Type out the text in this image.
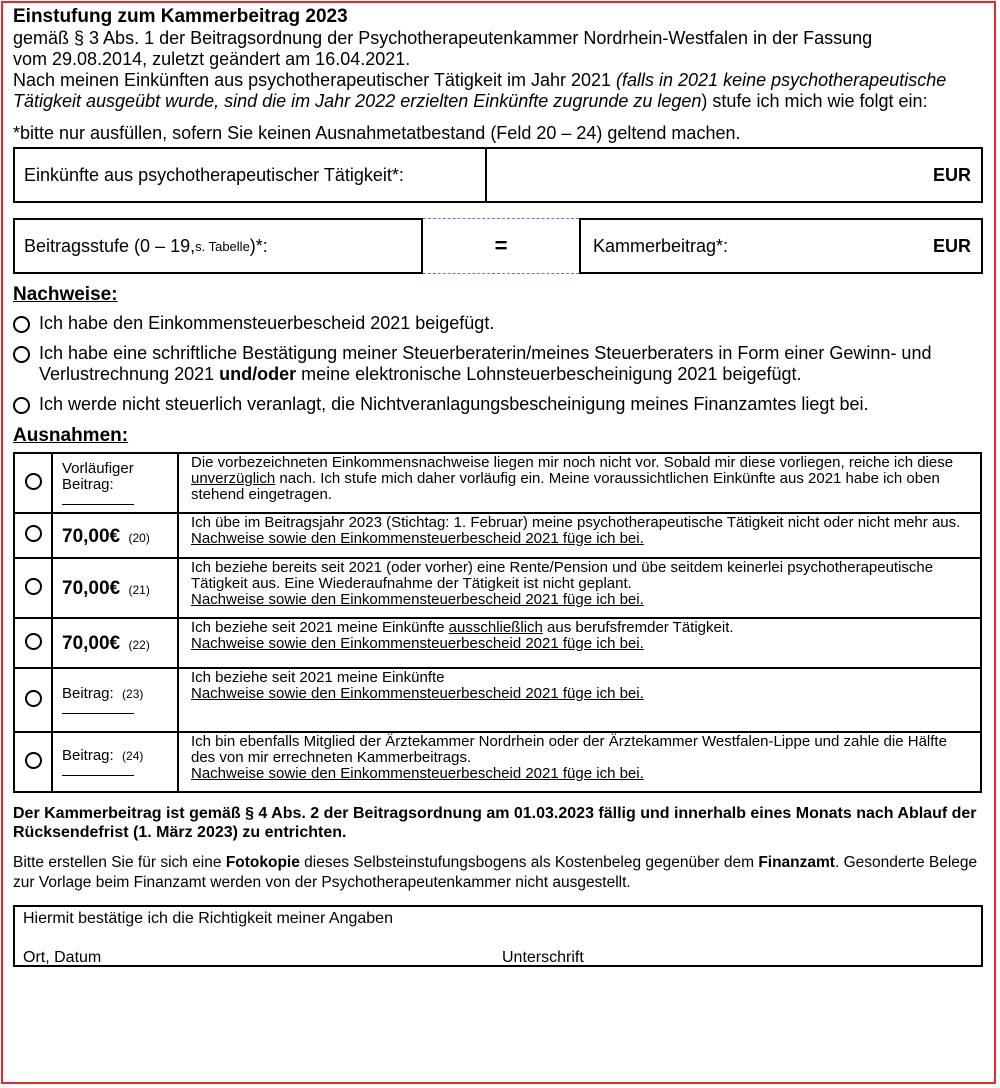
Einstufung zum Kammerbeitrag 2023
gemäß § 3 Abs. 1 der Beitragsordnung der Psychotherapeutenkammer Nordrhein-Westfalen in der Fassung
vom 29.08.2014, zuletzt geändert am 16.04.2021.
Nach meinen Einkünften aus psychotherapeutischer Tätigkeit im Jahr 2021 (falls in 2021 keine psychotherapeutische Tätigkeit ausgeübt wurde, sind die im Jahr 2022 erzielten Einkünfte zugrunde zu legen) stufe ich mich wie folgt ein:
*bitte nur ausfüllen, sofern Sie keinen Ausnahmetatbestand (Feld 20 – 24) geltend machen.
Einkünfte aus psychotherapeutischer Tätigkeit*:	EUR
Beitragsstufe (0 – 19, s. Tabelle )*:	=	Kammerbeitrag*:	EUR
Nachweise:
Ich habe den Einkommensteuerbescheid 2021 beigefügt.
Ich habe eine schriftliche Bestätigung meiner Steuerberaterin/meines Steuerberaters in Form einer Gewinn- und Verlustrechnung 2021 und/oder meine elektronische Lohnsteuerbescheinigung 2021 beigefügt.
Ich werde nicht steuerlich veranlagt, die Nichtveranlagungsbescheinigung meines Finanzamtes liegt bei.
Ausnahmen:

	Vorläufiger
Beitrag:	Die vorbezeichneten Einkommensnachweise liegen mir noch nicht vor. Sobald mir diese vorliegen, reiche ich diese unverzüglich nach. Ich stufe mich daher vorläufig ein. Meine voraussichtlichen Einkünfte aus 2021 habe ich oben stehend eingetragen.
	70,00€ (20)	Ich übe im Beitragsjahr 2023 (Stichtag: 1. Februar) meine psychotherapeutische Tätigkeit nicht oder nicht mehr aus. Nachweise sowie den Einkommensteuerbescheid 2021 füge ich bei.
	70,00€ (21)	Ich beziehe bereits seit 2021 (oder vorher) eine Rente/Pension und übe seitdem keinerlei psychotherapeutische Tätigkeit aus. Eine Wiederaufnahme der Tätigkeit ist nicht geplant.
Nachweise sowie den Einkommensteuerbescheid 2021 füge ich bei.

	70,00€ (22)	Ich beziehe seit 2021 meine Einkünfte ausschließlich aus berufsfremder Tätigkeit.
Nachweise sowie den Einkommensteuerbescheid 2021 füge ich bei.

	Beitrag: (23)	Ich beziehe seit 2021 meine Einkünfte
Nachweise sowie den Einkommensteuerbescheid 2021 füge ich bei.

	Beitrag: (24)	Ich bin ebenfalls Mitglied der Ärztekammer Nordrhein oder der Ärztekammer Westfalen-Lippe und zahle die Hälfte des von mir errechneten Kammerbeitrags.
Nachweise sowie den Einkommensteuerbescheid 2021 füge ich bei.
Der Kammerbeitrag ist gemäß § 4 Abs. 2 der Beitragsordnung am 01.03.2023 fällig und innerhalb eines Monats nach Ablauf der Rücksendefrist (1. März 2023) zu entrichten.
Bitte erstellen Sie für sich eine Fotokopie dieses Selbsteinstufungsbogens als Kostenbeleg gegenüber dem Finanzamt. Gesonderte Belege zur Vorlage beim Finanzamt werden von der Psychotherapeutenkammer nicht ausgestellt.
Hiermit bestätige ich die Richtigkeit meiner Angaben
Ort, Datum	Unterschrift
